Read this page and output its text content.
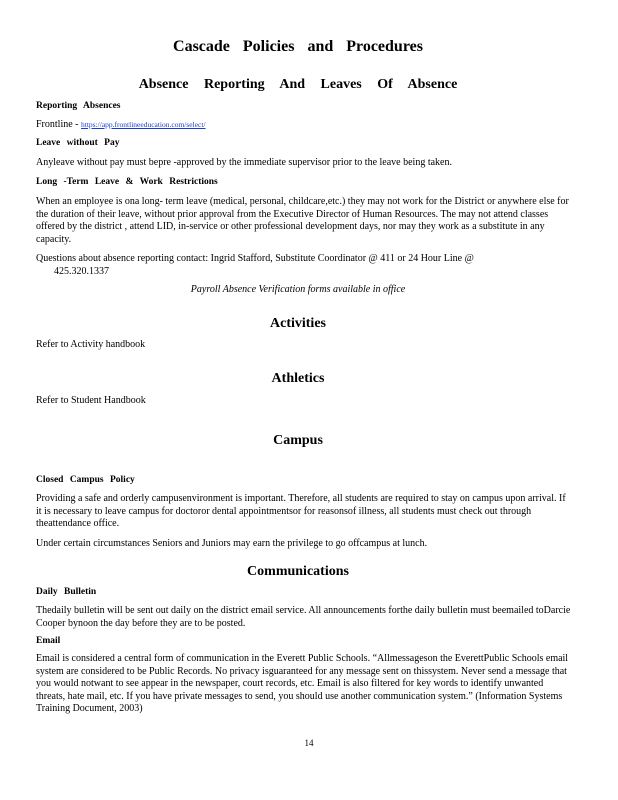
Cascade Policies and Procedures
Absence Reporting And Leaves Of Absence
Reporting Absences
Frontline - https://app.frontlineeducation.com/select/
Leave without Pay
Anyleave without pay must bepre -approved by the immediate supervisor prior to the leave being taken.
Long -Term Leave & Work Restrictions
When an employee is ona long- term leave (medical, personal, childcare,etc.) they may not work for the District or anywhere else for the duration of their leave, without prior approval from the Executive Director of Human Resources. The may not attend classes offered by the district , attend LID, in-service or other professional development days, nor may they work as a substitute in any capacity.
Questions about absence reporting contact: Ingrid Stafford, Substitute Coordinator @ 411 or 24 Hour Line @
425.320.1337
Payroll Absence Verification forms available in office
Activities
Refer to Activity handbook
Athletics
Refer to Student Handbook
Campus
Closed Campus Policy
Providing a safe and orderly campusenvironment is important. Therefore, all students are required to stay on campus upon arrival. If it is necessary to leave campus for doctoror dental appointmentsor for reasonsof illness, all students must check out through theattendance office.
Under certain circumstances Seniors and Juniors may earn the privilege to go offcampus at lunch.
Communications
Daily Bulletin
Thedaily bulletin will be sent out daily on the district email service. All announcements forthe daily bulletin must beemailed toDarcie Cooper bynoon the day before they are to be posted.
Email
Email is considered a central form of communication in the Everett Public Schools. “Allmessageson the EverettPublic Schools email system are considered to be Public Records. No privacy isguaranteed for any message sent on thissystem. Never send a message that you would notwant to see appear in the newspaper, court records, etc. Email is also filtered for key words to identify unwanted threats, hate mail, etc. If you have private messages to send, you should use another communication system.” (Information Systems Training Document, 2003)
14
